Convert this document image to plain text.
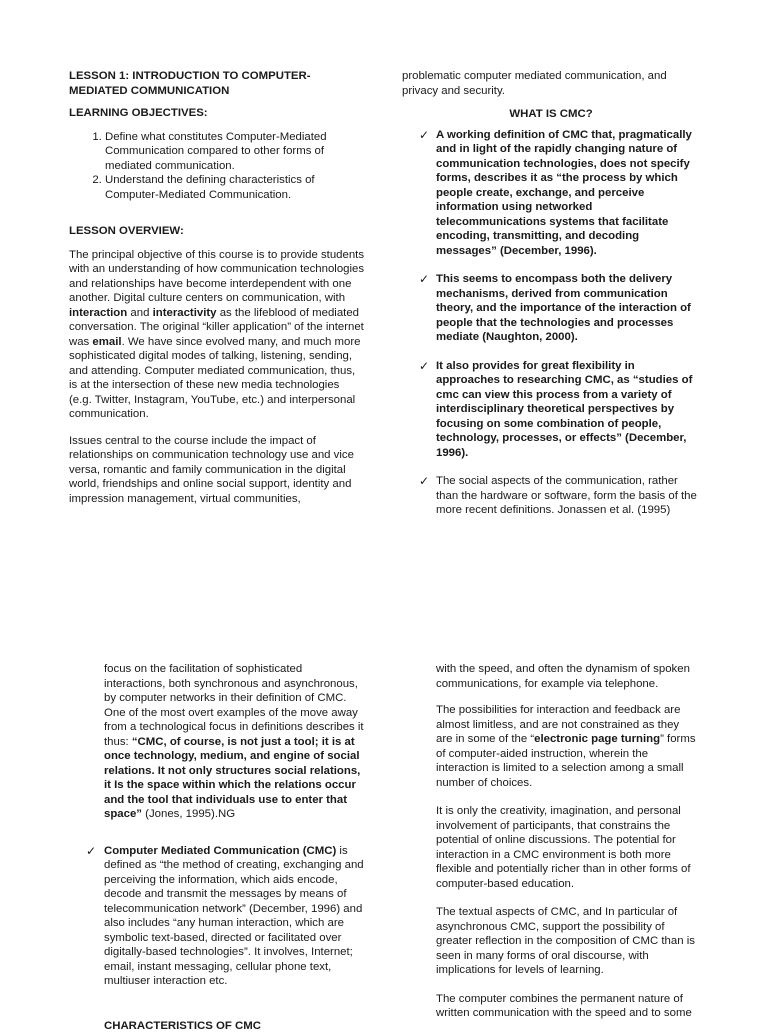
LESSON 1: INTRODUCTION TO COMPUTER-MEDIATED COMMUNICATION

LEARNING OBJECTIVES:

1. Define what constitutes Computer-Mediated Communication compared to other forms of mediated communication.
2. Understand the defining characteristics of Computer-Mediated Communication.

LESSON OVERVIEW:

The principal objective of this course is to provide students with an understanding of how communication technologies and relationships have become interdependent with one another. Digital culture centers on communication, with interaction and interactivity as the lifeblood of mediated conversation. The original “killer application” of the internet was email. We have since evolved many, and much more sophisticated digital modes of talking, listening, sending, and attending. Computer mediated communication, thus, is at the intersection of these new media technologies (e.g. Twitter, Instagram, YouTube, etc.) and interpersonal communication.

Issues central to the course include the impact of relationships on communication technology use and vice versa, romantic and family communication in the digital world, friendships and online social support, identity and impression management, virtual communities,

problematic computer mediated communication, and privacy and security.

WHAT IS CMC?

✓ A working definition of CMC that, pragmatically and in light of the rapidly changing nature of communication technologies, does not specify forms, describes it as “the process by which people create, exchange, and perceive information using networked telecommunications systems that facilitate encoding, transmitting, and decoding messages” (December, 1996).
✓ This seems to encompass both the delivery mechanisms, derived from communication theory, and the importance of the interaction of people that the technologies and processes mediate (Naughton, 2000).
✓ It also provides for great flexibility in approaches to researching CMC, as “studies of cmc can view this process from a variety of interdisciplinary theoretical perspectives by focusing on some combination of people, technology, processes, or effects” (December, 1996).
✓ The social aspects of the communication, rather than the hardware or software, form the basis of the more recent definitions. Jonassen et al. (1995)

focus on the facilitation of sophisticated interactions, both synchronous and asynchronous, by computer networks in their definition of CMC. One of the most overt examples of the move away from a technological focus in definitions describes it thus: “CMC, of course, is not just a tool; it is at once technology, medium, and engine of social relations. It not only structures social relations, it Is the space within which the relations occur and the tool that individuals use to enter that space” (Jones, 1995).NG

✓ Computer Mediated Communication (CMC) is defined as “the method of creating, exchanging and perceiving the information, which aids encode, decode and transmit the messages by means of telecommunication network” (December, 1996) and also includes “any human interaction, which are symbolic text-based, directed or facilitated over digitally-based technologies”. It involves, Internet; email, instant messaging, cellular phone text, multiuser interaction etc.

CHARACTERISTICS OF CMC

with the speed, and often the dynamism of spoken communications, for example via telephone.

The possibilities for interaction and feedback are almost limitless, and are not constrained as they are in some of the “electronic page turning” forms of computer-aided instruction, wherein the interaction is limited to a selection among a small number of choices.

It is only the creativity, imagination, and personal involvement of participants, that constrains the potential of online discussions. The potential for interaction in a CMC environment is both more flexible and potentially richer than in other forms of computer-based education.

The textual aspects of CMC, and In particular of asynchronous CMC, support the possibility of greater reflection in the composition of CMC than is seen in many forms of oral discourse, with implications for levels of learning.

The computer combines the permanent nature of written communication with the speed and to some
